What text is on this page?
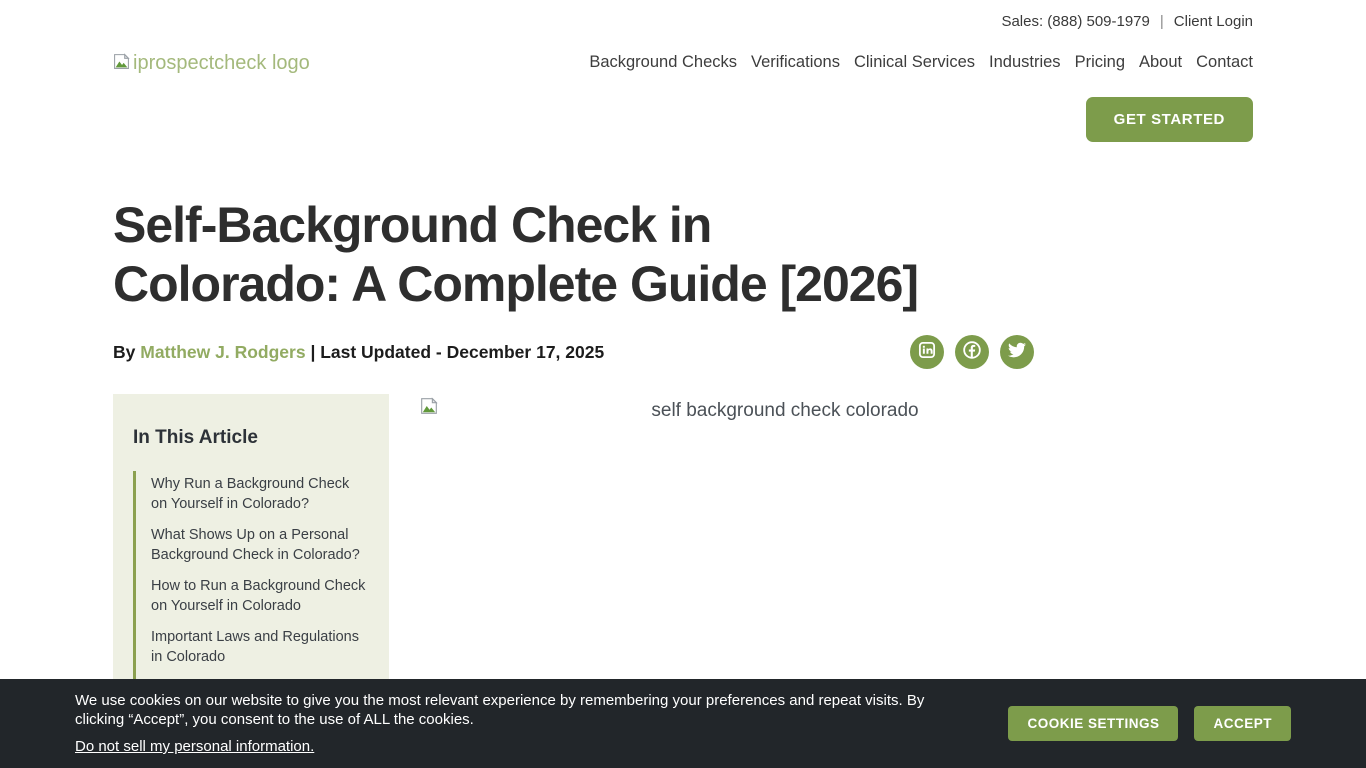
Sales: (888) 509-1979 | Client Login
iprospectcheck logo	Background Checks Verifications Clinical Services Industries Pricing About Contact
GET STARTED
Self-Background Check in
Colorado: A Complete Guide [2026]
By Matthew J. Rodgers | Last Updated - December 17, 2025
In This Article
Why Run a Background Check on Yourself in Colorado?
What Shows Up on a Personal Background Check in Colorado?
How to Run a Background Check on Yourself in Colorado
Important Laws and Regulations in Colorado
self background check colorado
We use cookies on our website to give you the most relevant experience by remembering your preferences and repeat visits. By clicking “Accept”, you consent to the use of ALL the cookies.
Do not sell my personal information.
COOKIE SETTINGS	ACCEPT
